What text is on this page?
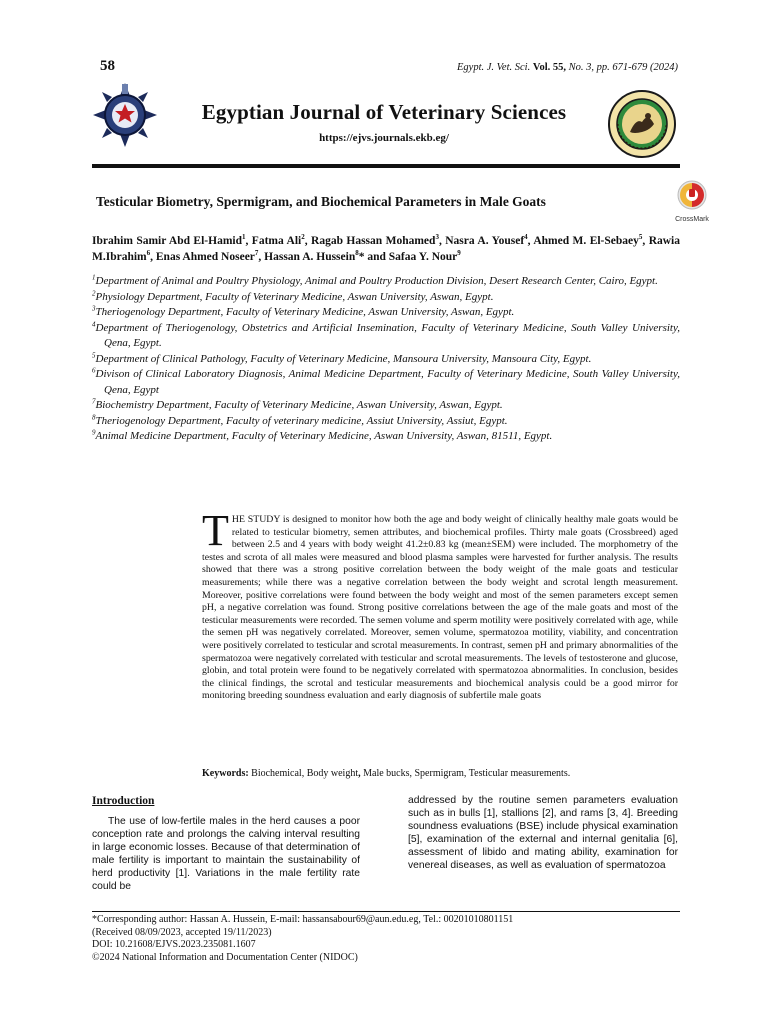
58	Egypt. J. Vet. Sci. Vol. 55, No. 3, pp. 671-679 (2024)
Egyptian Journal of Veterinary Sciences
https://ejvs.journals.ekb.eg/
Testicular Biometry, Spermigram, and Biochemical Parameters in Male Goats
CrossMark
Ibrahim Samir Abd El-Hamid$^1$, Fatma Ali$^2$, Ragab Hassan Mohamed$^3$, Nasra A. Yousef$^4$, Ahmed M. El-Sebaey$^5$, Rawia M.Ibrahim$^6$, Enas Ahmed Noseer$^7$, Hassan A. Hussein$^8$* and Safaa Y. Nour$^9$
$^1$Department of Animal and Poultry Physiology, Animal and Poultry Production Division, Desert Research Center, Cairo, Egypt.
$^2$Physiology Department, Faculty of Veterinary Medicine, Aswan University, Aswan, Egypt.
$^3$Theriogenology Department, Faculty of Veterinary Medicine, Aswan University, Aswan, Egypt.
$^4$Department of Theriogenology, Obstetrics and Artificial Insemination, Faculty of Veterinary Medicine, South Valley University, Qena, Egypt.
$^5$Department of Clinical Pathology, Faculty of Veterinary Medicine, Mansoura University, Mansoura City, Egypt.
$^6$Divison of Clinical Laboratory Diagnosis, Animal Medicine Department, Faculty of Veterinary Medicine, South Valley University, Qena, Egypt
$^7$Biochemistry Department, Faculty of Veterinary Medicine, Aswan University, Aswan, Egypt.
$^8$Theriogenology Department, Faculty of veterinary medicine, Assiut University, Assiut, Egypt.
$^9$Animal Medicine Department, Faculty of Veterinary Medicine, Aswan University, Aswan, 81511, Egypt.
THE STUDY is designed to monitor how both the age and body weight of clinically healthy male goats would be related to testicular biometry, semen attributes, and biochemical profiles. Thirty male goats (Crossbreed) aged between 2.5 and 4 years with body weight 41.2±0.83 kg (mean±SEM) were included. The morphometry of the testes and scrota of all males were measured and blood plasma samples were harvested for further analysis. The results showed that there was a strong positive correlation between the body weight of the male goats and testicular measurements; while there was a negative correlation between the body weight and scrotal length measurement. Moreover, positive correlations were found between the body weight and most of the semen parameters except semen pH, a negative correlation was found. Strong positive correlations between the age of the male goats and most of the testicular measurements were recorded. The semen volume and sperm motility were positively correlated with age, while the semen pH was negatively correlated. Moreover, semen volume, spermatozoa motility, viability, and concentration were positively correlated to testicular and scrotal measurements. In contrast, semen pH and primary abnormalities of the spermatozoa were negatively correlated with testicular and scrotal measurements. The levels of testosterone and glucose, globin, and total protein were found to be negatively correlated with spermatozoa abnormalities. In conclusion, besides the clinical findings, the scrotal and testicular measurements and biochemical analysis could be a good mirror for monitoring breeding soundness evaluation and early diagnosis of subfertile male goats
Keywords: Biochemical, Body weight, Male bucks, Spermigram, Testicular measurements.
Introduction
The use of low-fertile males in the herd causes a poor conception rate and prolongs the calving interval resulting in large economic losses. Because of that determination of male fertility is important to maintain the sustainability of herd productivity [1]. Variations in the male fertility rate could be
addressed by the routine semen parameters evaluation such as in bulls [1], stallions [2], and rams [3, 4]. Breeding soundness evaluations (BSE) include physical examination [5], examination of the external and internal genitalia [6], assessment of libido and mating ability, examination for venereal diseases, as well as evaluation of spermatozoa
*Corresponding author: Hassan A. Hussein, E-mail: hassansabour69@aun.edu.eg, Tel.: 00201010801151
(Received 08/09/2023, accepted 19/11/2023)
DOI: 10.21608/EJVS.2023.235081.1607
©2024 National Information and Documentation Center (NIDOC)
